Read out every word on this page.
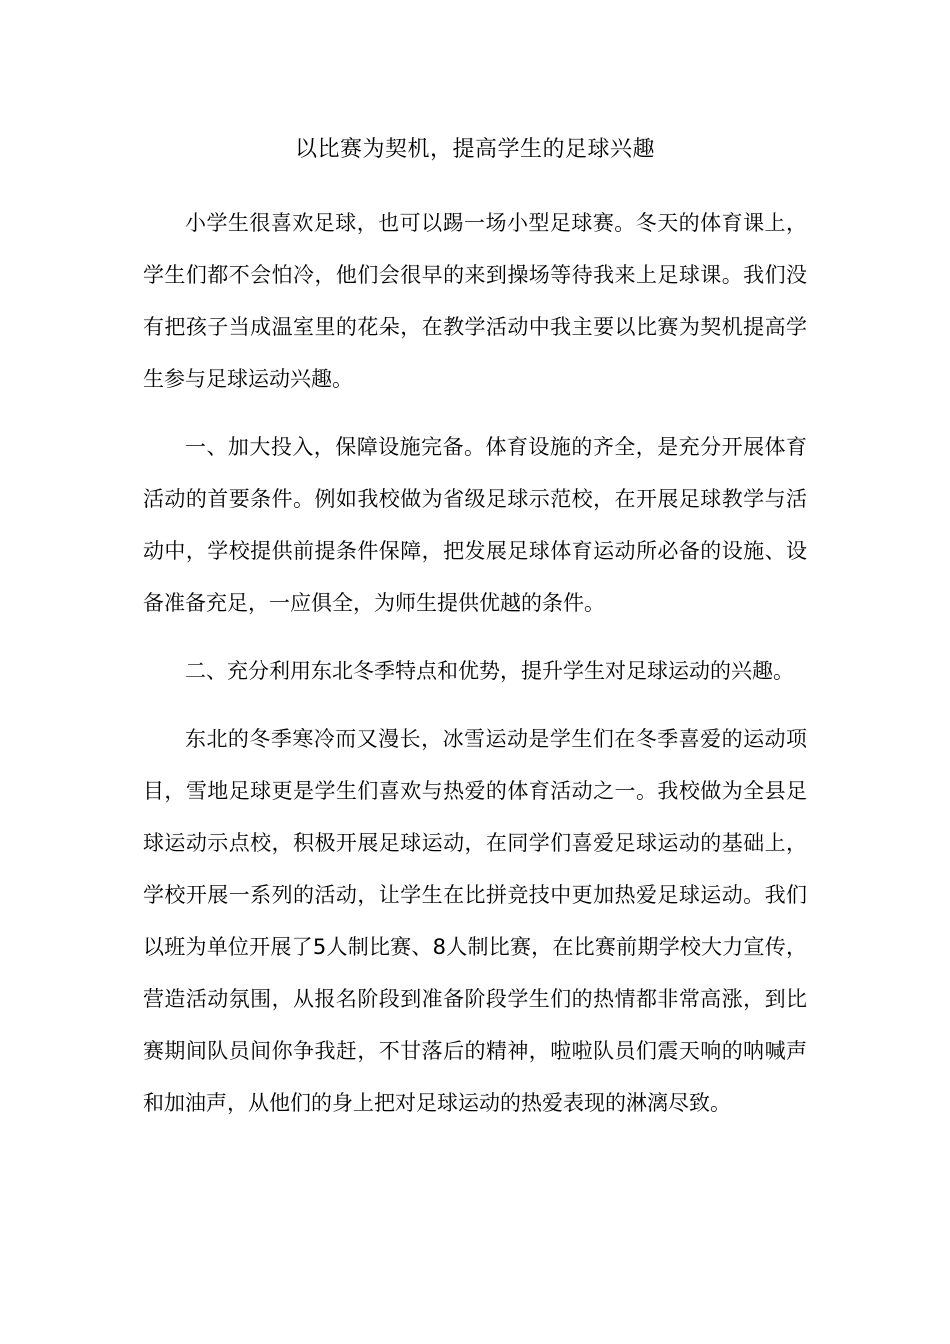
以比赛为契机，提高学生的足球兴趣

小学生很喜欢足球，也可以踢一场小型足球赛。冬天的体育课上，学生们都不会怕冷，他们会很早的来到操场等待我来上足球课。我们没有把孩子当成温室里的花朵，在教学活动中我主要以比赛为契机提高学生参与足球运动兴趣。

一、加大投入，保障设施完备。体育设施的齐全，是充分开展体育活动的首要条件。例如我校做为省级足球示范校，在开展足球教学与活动中，学校提供前提条件保障，把发展足球体育运动所必备的设施、设备准备充足，一应俱全，为师生提供优越的条件。

二、充分利用东北冬季特点和优势，提升学生对足球运动的兴趣。

东北的冬季寒冷而又漫长，冰雪运动是学生们在冬季喜爱的运动项目，雪地足球更是学生们喜欢与热爱的体育活动之一。我校做为全县足球运动示点校，积极开展足球运动，在同学们喜爱足球运动的基础上，学校开展一系列的活动，让学生在比拼竞技中更加热爱足球运动。我们以班为单位开展了5人制比赛、8人制比赛，在比赛前期学校大力宣传，营造活动氛围，从报名阶段到准备阶段学生们的热情都非常高涨，到比赛期间队员间你争我赶，不甘落后的精神，啦啦队员们震天响的呐喊声和加油声，从他们的身上把对足球运动的热爱表现的淋漓尽致。
